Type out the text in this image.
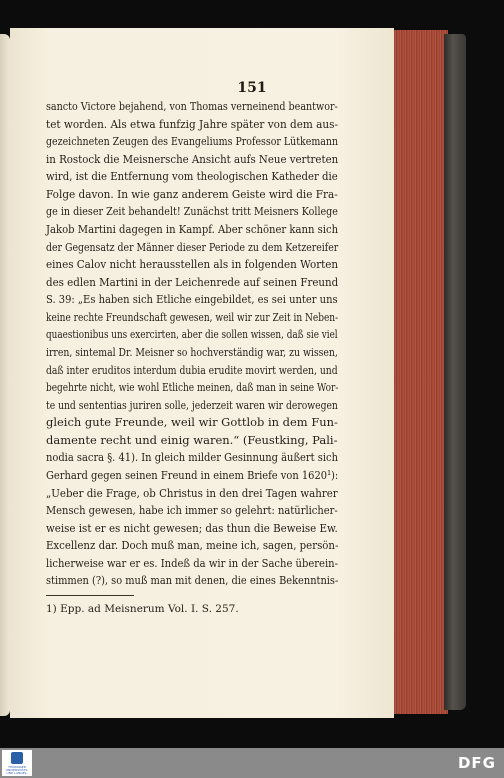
151
sancto Victore bejahend, von Thomas verneinend beantwor-
tet worden. Als etwa funfzig Jahre später von dem aus-
gezeichneten Zeugen des Evangeliums Professor Lütkemann
in Rostock die Meisnersche Ansicht aufs Neue vertreten
wird, ist die Entfernung vom theologischen Katheder die
Folge davon. In wie ganz anderem Geiste wird die Fra-
ge in dieser Zeit behandelt! Zunächst tritt Meisners Kollege
Jakob Martini dagegen in Kampf. Aber schöner kann sich
der Gegensatz der Männer dieser Periode zu dem Ketzereifer
eines Calov nicht herausstellen als in folgenden Worten
des edlen Martini in der Leichenrede auf seinen Freund
S. 39: „Es haben sich Etliche eingebildet, es sei unter uns
keine rechte Freundschaft gewesen, weil wir zur Zeit in Neben-
quaestionibus uns exercirten, aber die sollen wissen, daß sie viel
irren, sintemal Dr. Meisner so hochverständig war, zu wissen,
daß inter eruditos interdum dubia erudite movirt werden, und
begehrte nicht, wie wohl Etliche meinen, daß man in seine Wor-
te und sententias juriren solle, jederzeit waren wir derowegen
gleich gute Freunde, weil wir Gottlob in dem Fun-
damente recht und einig waren.“ (Feustking, Pali-
nodia sacra §. 41). In gleich milder Gesinnung äußert sich
Gerhard gegen seinen Freund in einem Briefe von 1620¹):
„Ueber die Frage, ob Christus in den drei Tagen wahrer
Mensch gewesen, habe ich immer so gelehrt: natürlicher-
weise ist er es nicht gewesen; das thun die Beweise Ew.
Excellenz dar. Doch muß man, meine ich, sagen, persön-
licherweise war er es. Indeß da wir in der Sache überein-
1) Epp. ad Meisnerum Vol. I. S. 257.
stimmen (?), so muß man mit denen, die eines Bekenntnis-
THÜRINGER
UNIVERSITÄTS-
UND LANDES-
DFG
